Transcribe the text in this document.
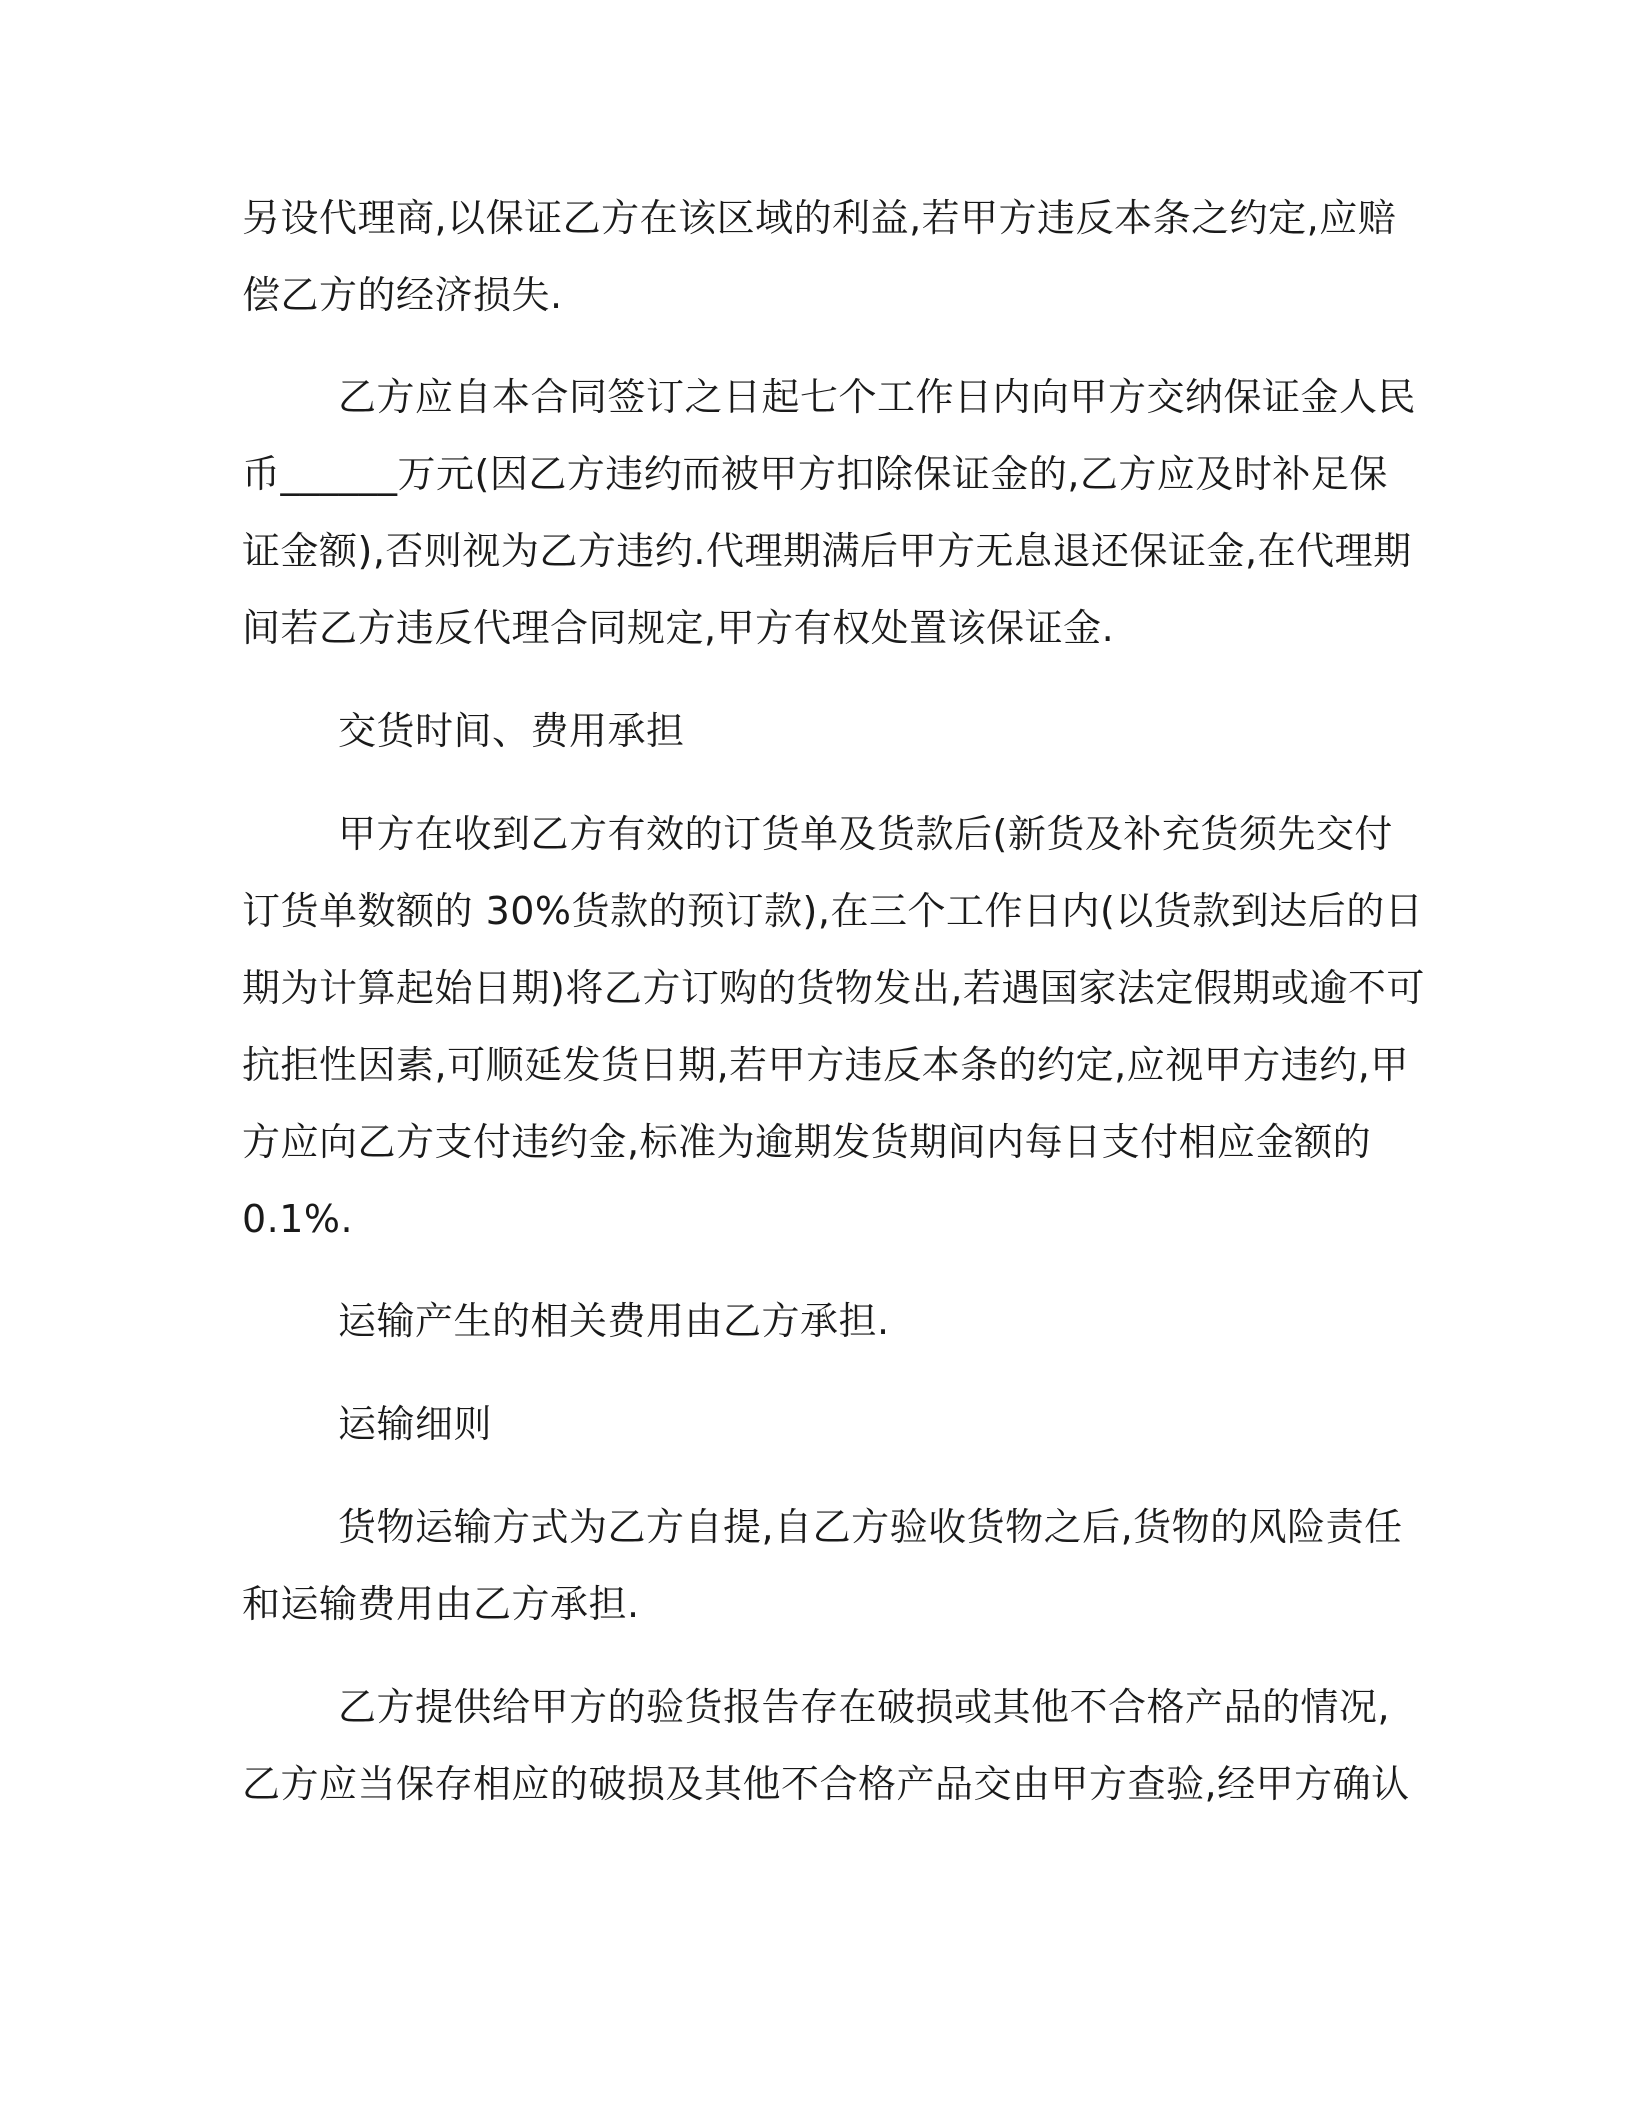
另设代理商,以保证乙方在该区域的利益,若甲方违反本条之约定,应赔
偿乙方的经济损失.
乙方应自本合同签订之日起七个工作日内向甲方交纳保证金人民
币______万元(因乙方违约而被甲方扣除保证金的,乙方应及时补足保
证金额),否则视为乙方违约.代理期满后甲方无息退还保证金,在代理期
间若乙方违反代理合同规定,甲方有权处置该保证金.
交货时间、费用承担
甲方在收到乙方有效的订货单及货款后(新货及补充货须先交付
订货单数额的 30%货款的预订款),在三个工作日内(以货款到达后的日
期为计算起始日期)将乙方订购的货物发出,若遇国家法定假期或逾不可
抗拒性因素,可顺延发货日期,若甲方违反本条的约定,应视甲方违约,甲
方应向乙方支付违约金,标准为逾期发货期间内每日支付相应金额的
0.1%.
运输产生的相关费用由乙方承担.
运输细则
货物运输方式为乙方自提,自乙方验收货物之后,货物的风险责任
和运输费用由乙方承担.
乙方提供给甲方的验货报告存在破损或其他不合格产品的情况,
乙方应当保存相应的破损及其他不合格产品交由甲方查验,经甲方确认
